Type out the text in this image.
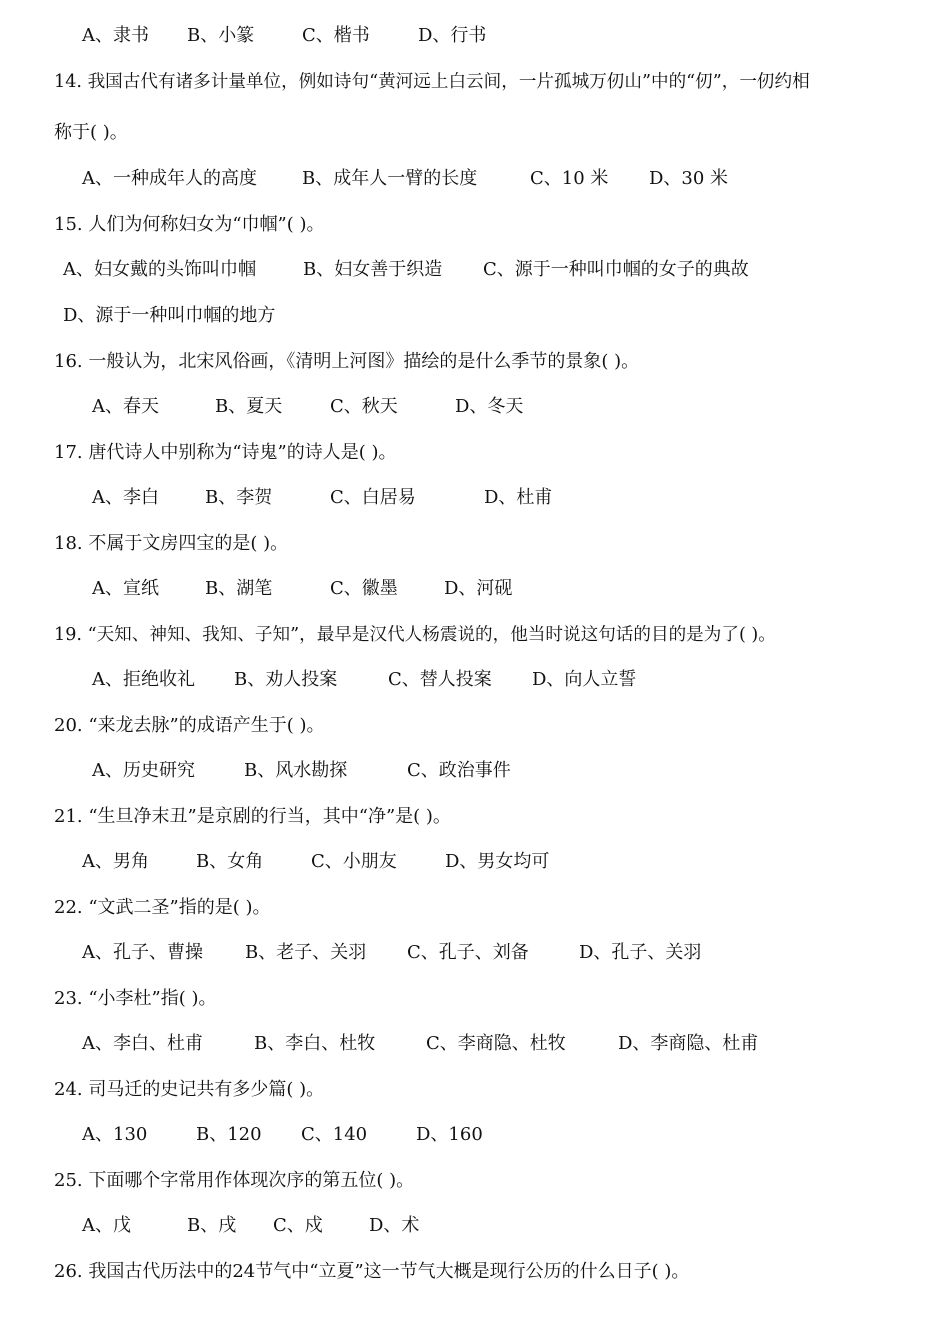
A、隶书	B、小篆	C、楷书	D、行书
14. 我国古代有诸多计量单位，例如诗句“黄河远上白云间，一片孤城万仞山”中的“仞”，一仞约相
称于( )。
A、一种成年人的高度	B、成年人一臂的长度	C、10 米	D、30 米
15. 人们为何称妇女为“巾帼”( )。
A、妇女戴的头饰叫巾帼	B、妇女善于织造	C、源于一种叫巾帼的女子的典故
D、源于一种叫巾帼的地方
16. 一般认为，北宋风俗画，《清明上河图》描绘的是什么季节的景象( )。
A、春天	B、夏天	C、秋天	D、冬天
17. 唐代诗人中别称为“诗鬼”的诗人是( )。
A、李白	B、李贺	C、白居易	D、杜甫
18. 不属于文房四宝的是( )。
A、宣纸	B、湖笔	C、徽墨	D、河砚
19. “天知、神知、我知、子知”，最早是汉代人杨震说的，他当时说这句话的目的是为了( )。
A、拒绝收礼	B、劝人投案	C、替人投案	D、向人立誓
20. “来龙去脉”的成语产生于( )。
A、历史研究	B、风水勘探	C、政治事件
21. “生旦净末丑”是京剧的行当，其中“净”是( )。
A、男角	B、女角	C、小朋友	D、男女均可
22. “文武二圣”指的是( )。
A、孔子、曹操	B、老子、关羽	C、孔子、刘备	D、孔子、关羽
23. “小李杜”指( )。
A、李白、杜甫	B、李白、杜牧	C、李商隐、杜牧	D、李商隐、杜甫
24. 司马迁的史记共有多少篇( )。
A、130	B、120	C、140	D、160
25. 下面哪个字常用作体现次序的第五位( )。
A、戊	B、戌	C、戍	D、术
26. 我国古代历法中的24节气中“立夏”这一节气大概是现行公历的什么日子( )。
